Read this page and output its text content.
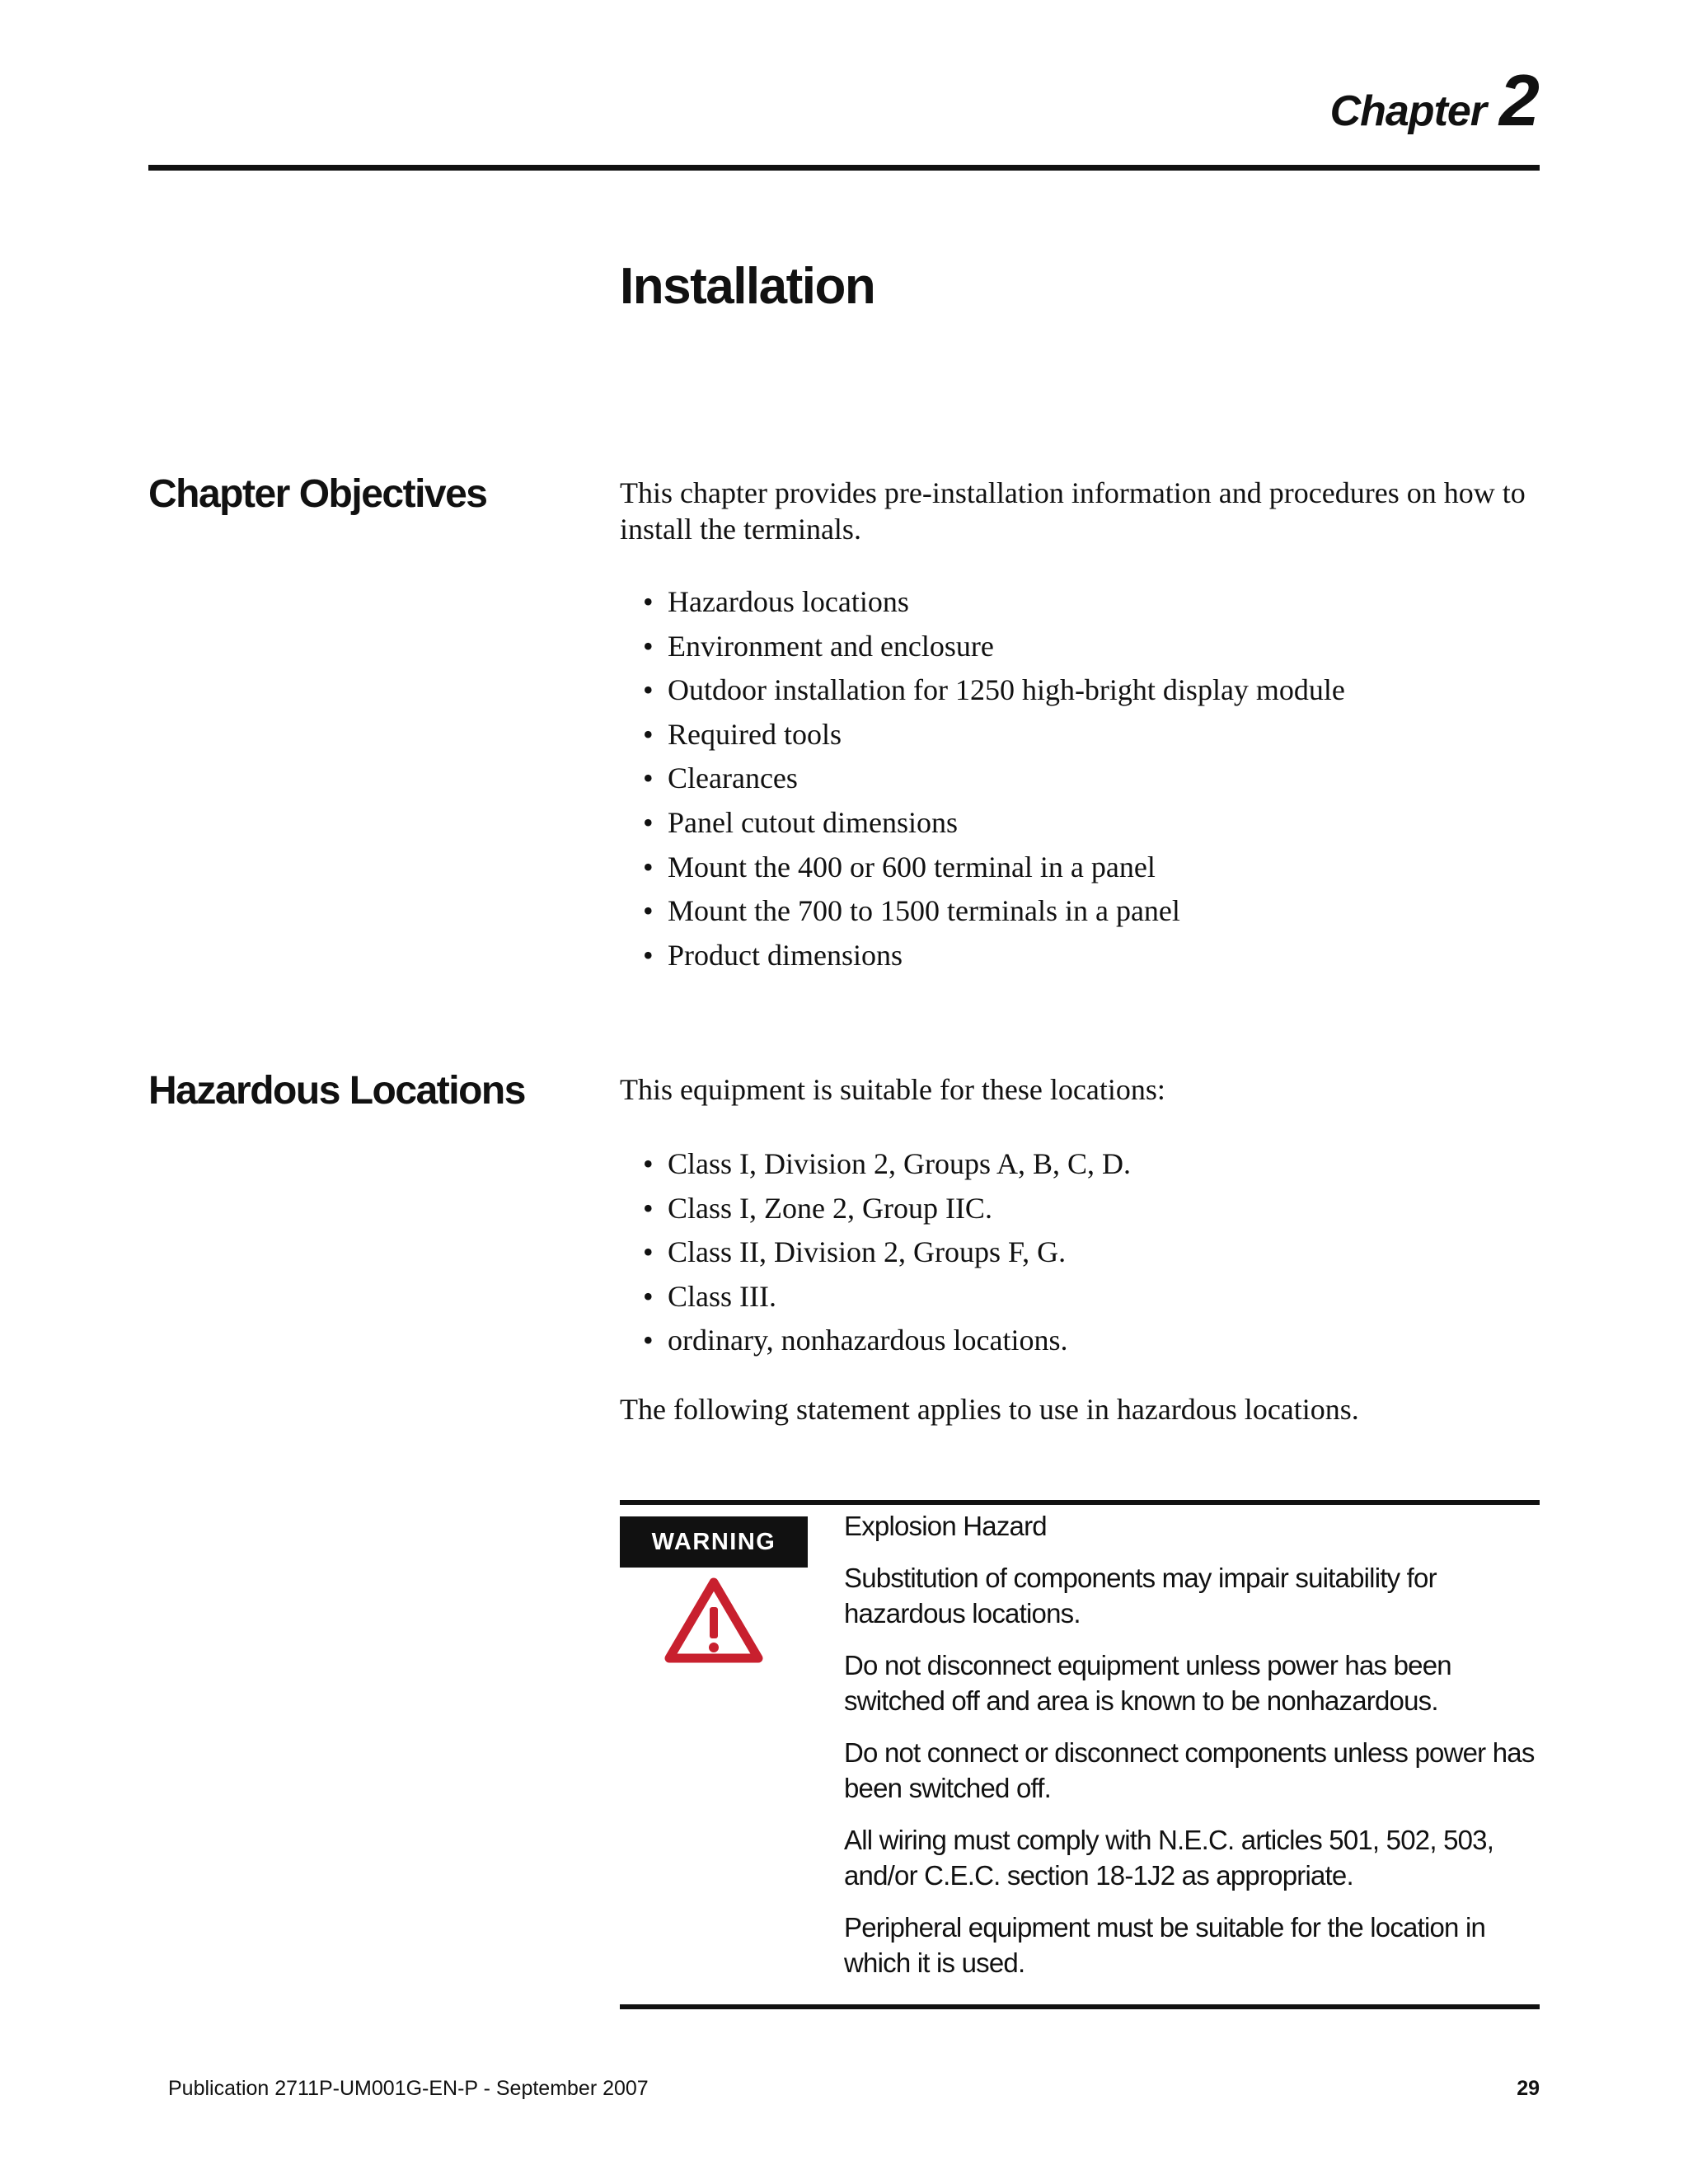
Chapter 2
Installation
Chapter Objectives	This chapter provides pre-installation information and procedures on how to install the terminals.

• Hazardous locations
• Environment and enclosure
• Outdoor installation for 1250 high-bright display module
• Required tools
• Clearances
• Panel cutout dimensions
• Mount the 400 or 600 terminal in a panel
• Mount the 700 to 1500 terminals in a panel
• Product dimensions
Hazardous Locations	This equipment is suitable for these locations:

• Class I, Division 2, Groups A, B, C, D.
• Class I, Zone 2, Group IIC.
• Class II, Division 2, Groups F, G.
• Class III.
• ordinary, nonhazardous locations.

The following statement applies to use in hazardous locations.

WARNING

Explosion Hazard

Substitution of components may impair suitability for hazardous locations.

Do not disconnect equipment unless power has been switched off and area is known to be nonhazardous.

Do not connect or disconnect components unless power has been switched off.

All wiring must comply with N.E.C. articles 501, 502, 503, and/or C.E.C. section 18-1J2 as appropriate.

Peripheral equipment must be suitable for the location in which it is used.

Publication 2711P-UM001G-EN-P - September 2007	29
